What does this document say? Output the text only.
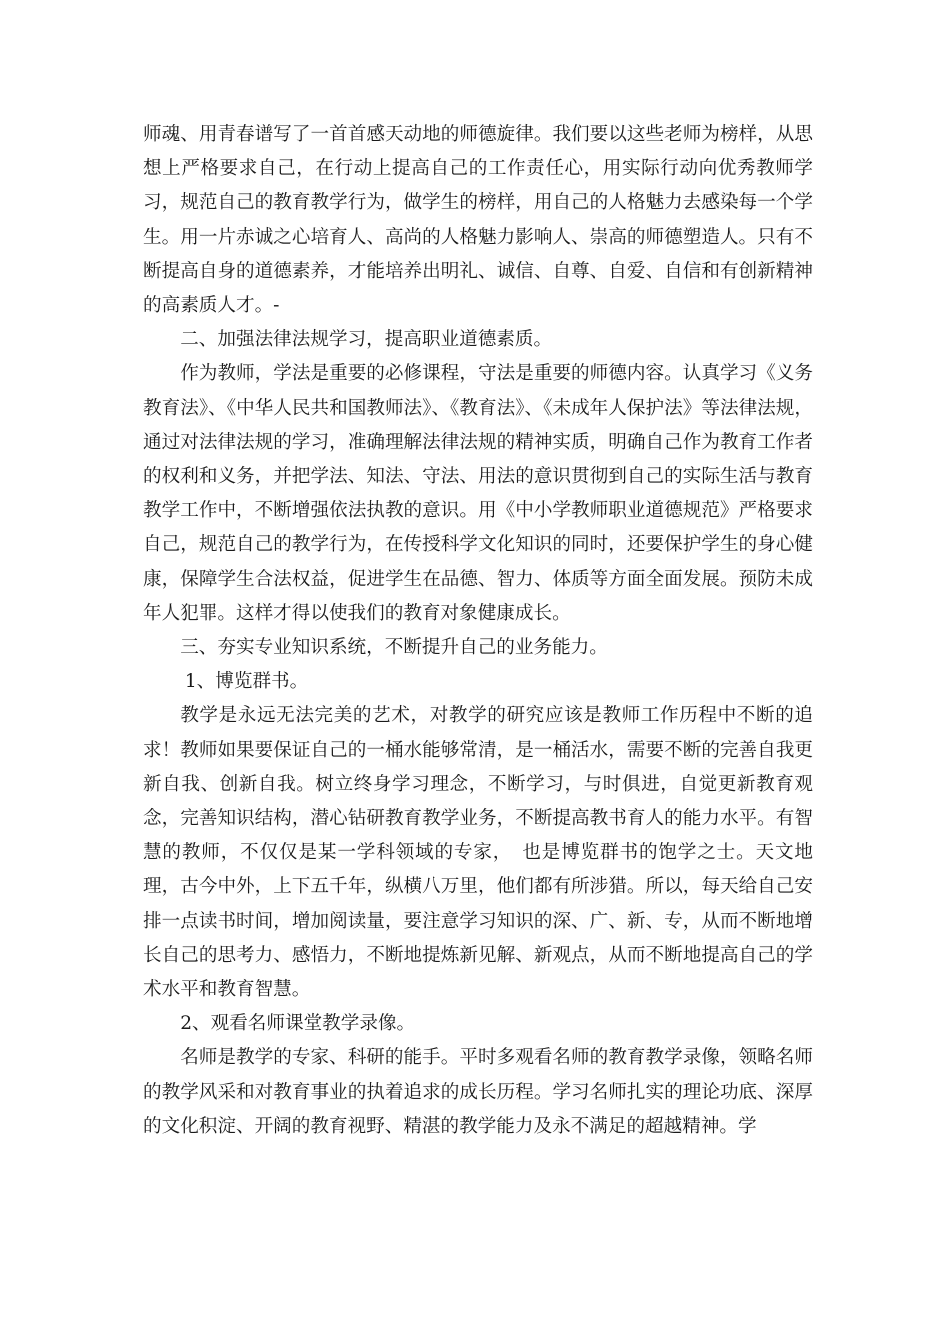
师魂、用青春谱写了一首首感天动地的师德旋律。我们要以这些老师为榜样，从思想上严格要求自己，在行动上提高自己的工作责任心，用实际行动向优秀教师学习，规范自己的教育教学行为，做学生的榜样，用自己的人格魅力去感染每一个学生。用一片赤诚之心培育人、高尚的人格魅力影响人、崇高的师德塑造人。只有不断提高自身的道德素养，才能培养出明礼、诚信、自尊、自爱、自信和有创新精神的高素质人才。-

二、加强法律法规学习，提高职业道德素质。

作为教师，学法是重要的必修课程，守法是重要的师德内容。认真学习《义务教育法》、《中华人民共和国教师法》、《教育法》、《未成年人保护法》等法律法规，通过对法律法规的学习，准确理解法律法规的精神实质，明确自己作为教育工作者的权利和义务，并把学法、知法、守法、用法的意识贯彻到自己的实际生活与教育教学工作中，不断增强依法执教的意识。用《中小学教师职业道德规范》严格要求自己，规范自己的教学行为，在传授科学文化知识的同时，还要保护学生的身心健康，保障学生合法权益，促进学生在品德、智力、体质等方面全面发展。预防未成年人犯罪。这样才得以使我们的教育对象健康成长。

三、夯实专业知识系统，不断提升自己的业务能力。

1、博览群书。

教学是永远无法完美的艺术，对教学的研究应该是教师工作历程中不断的追求！教师如果要保证自己的一桶水能够常清，是一桶活水，需要不断的完善自我更新自我、创新自我。树立终身学习理念，不断学习，与时俱进，自觉更新教育观念，完善知识结构，潜心钻研教育教学业务，不断提高教书育人的能力水平。有智慧的教师，不仅仅是某一学科领域的专家，　也是博览群书的饱学之士。天文地理，古今中外，上下五千年，纵横八万里，他们都有所涉猎。所以，每天给自己安排一点读书时间，增加阅读量，要注意学习知识的深、广、新、专，从而不断地增长自己的思考力、感悟力，不断地提炼新见解、新观点，从而不断地提高自己的学术水平和教育智慧。

2、观看名师课堂教学录像。

名师是教学的专家、科研的能手。平时多观看名师的教育教学录像，领略名师的教学风采和对教育事业的执着追求的成长历程。学习名师扎实的理论功底、深厚的文化积淀、开阔的教育视野、精湛的教学能力及永不满足的超越精神。学
